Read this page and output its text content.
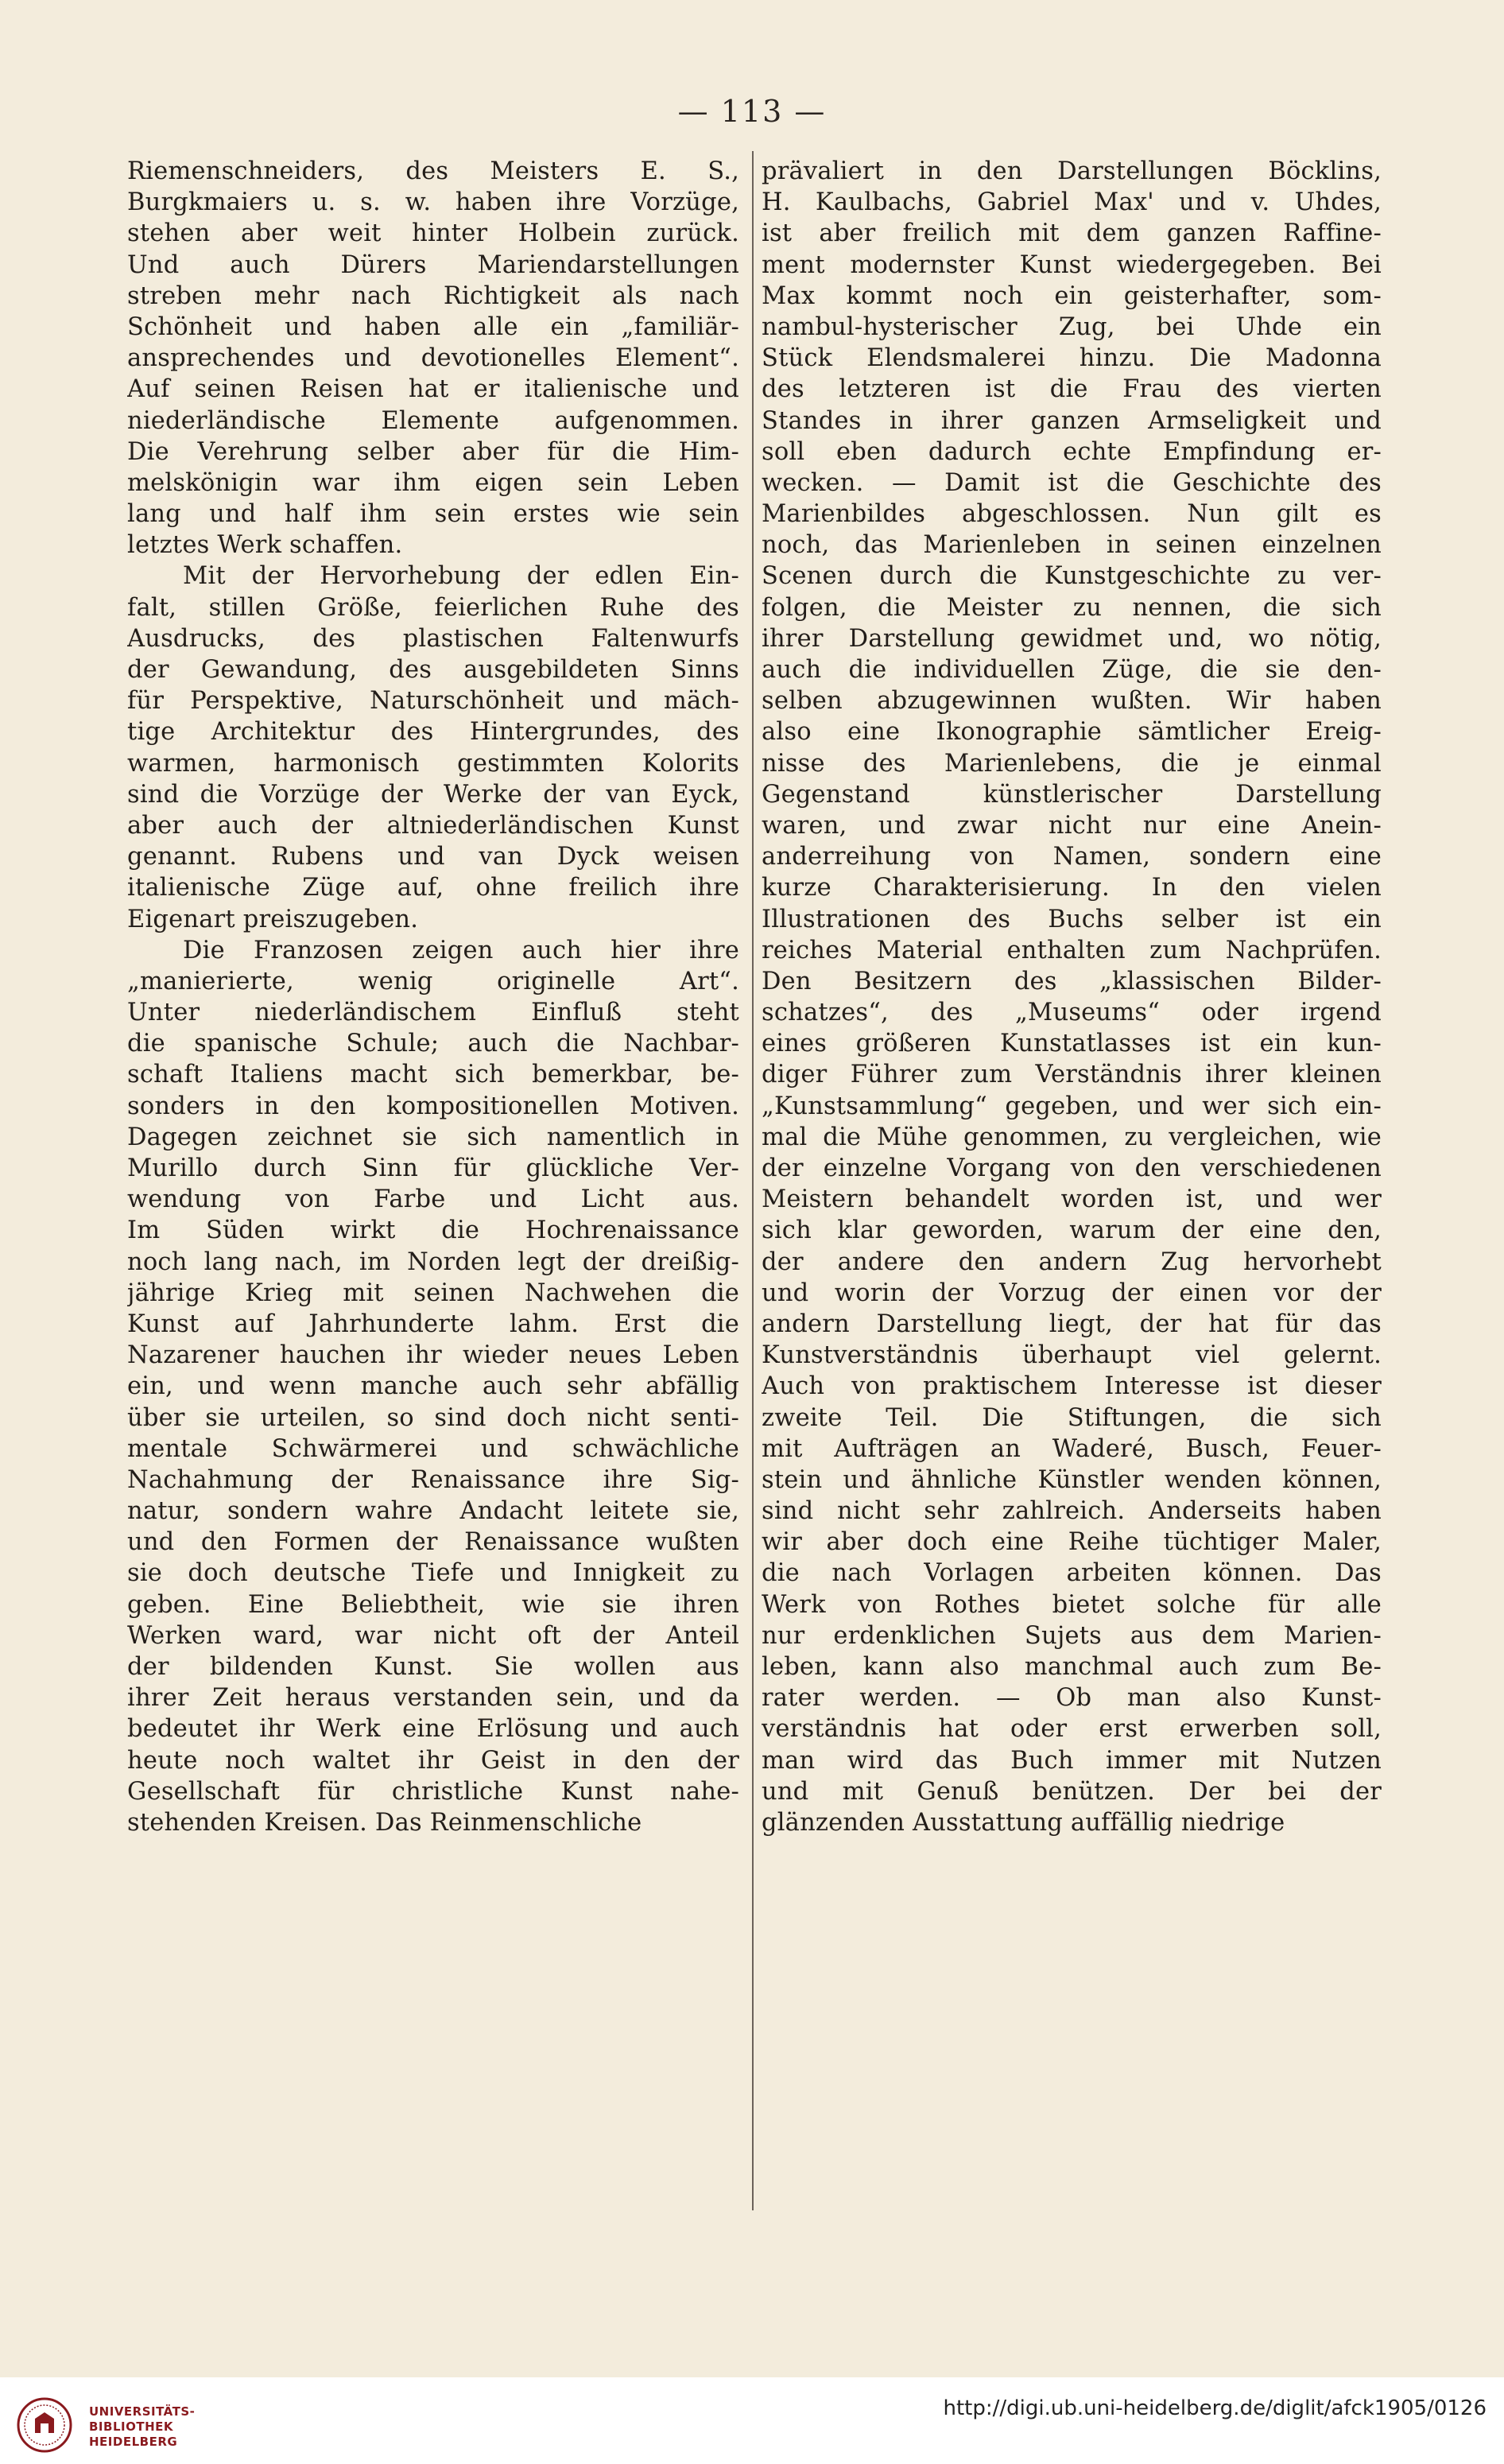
— 113 —
Riemenschneiders, des Meisters E. S.,
Burgkmaiers u. s. w. haben ihre Vorzüge,
stehen aber weit hinter Holbein zurück.
Und auch Dürers Mariendarstellungen
streben mehr nach Richtigkeit als nach
Schönheit und haben alle ein „familiär-
ansprechendes und devotionelles Element“.
Auf seinen Reisen hat er italienische und
niederländische Elemente aufgenommen.
Die Verehrung selber aber für die Him-
melskönigin war ihm eigen sein Leben
lang und half ihm sein erstes wie sein
letztes Werk schaffen.
Mit der Hervorhebung der edlen Ein-
falt, stillen Größe, feierlichen Ruhe des
Ausdrucks, des plastischen Faltenwurfs
der Gewandung, des ausgebildeten Sinns
für Perspektive, Naturschönheit und mäch-
tige Architektur des Hintergrundes, des
warmen, harmonisch gestimmten Kolorits
sind die Vorzüge der Werke der van Eyck,
aber auch der altniederländischen Kunst
genannt. Rubens und van Dyck weisen
italienische Züge auf, ohne freilich ihre
Eigenart preiszugeben.
Die Franzosen zeigen auch hier ihre
„manierierte, wenig originelle Art“.
Unter niederländischem Einfluß steht
die spanische Schule; auch die Nachbar-
schaft Italiens macht sich bemerkbar, be-
sonders in den kompositionellen Motiven.
Dagegen zeichnet sie sich namentlich in
Murillo durch Sinn für glückliche Ver-
wendung von Farbe und Licht aus.
Im Süden wirkt die Hochrenaissance
noch lang nach, im Norden legt der dreißig-
jährige Krieg mit seinen Nachwehen die
Kunst auf Jahrhunderte lahm. Erst die
Nazarener hauchen ihr wieder neues Leben
ein, und wenn manche auch sehr abfällig
über sie urteilen, so sind doch nicht senti-
mentale Schwärmerei und schwächliche
Nachahmung der Renaissance ihre Sig-
natur, sondern wahre Andacht leitete sie,
und den Formen der Renaissance wußten
sie doch deutsche Tiefe und Innigkeit zu
geben. Eine Beliebtheit, wie sie ihren
Werken ward, war nicht oft der Anteil
der bildenden Kunst. Sie wollen aus
ihrer Zeit heraus verstanden sein, und da
bedeutet ihr Werk eine Erlösung und auch
heute noch waltet ihr Geist in den der
Gesellschaft für christliche Kunst nahe-
stehenden Kreisen. Das Reinmenschliche
prävaliert in den Darstellungen Böcklins,
H. Kaulbachs, Gabriel Max' und v. Uhdes,
ist aber freilich mit dem ganzen Raffine-
ment modernster Kunst wiedergegeben. Bei
Max kommt noch ein geisterhafter, som-
nambul-hysterischer Zug, bei Uhde ein
Stück Elendsmalerei hinzu. Die Madonna
des letzteren ist die Frau des vierten
Standes in ihrer ganzen Armseligkeit und
soll eben dadurch echte Empfindung er-
wecken. — Damit ist die Geschichte des
Marienbildes abgeschlossen. Nun gilt es
noch, das Marienleben in seinen einzelnen
Scenen durch die Kunstgeschichte zu ver-
folgen, die Meister zu nennen, die sich
ihrer Darstellung gewidmet und, wo nötig,
auch die individuellen Züge, die sie den-
selben abzugewinnen wußten. Wir haben
also eine Ikonographie sämtlicher Ereig-
nisse des Marienlebens, die je einmal
Gegenstand künstlerischer Darstellung
waren, und zwar nicht nur eine Anein-
anderreihung von Namen, sondern eine
kurze Charakterisierung. In den vielen
Illustrationen des Buchs selber ist ein
reiches Material enthalten zum Nachprüfen.
Den Besitzern des „klassischen Bilder-
schatzes“, des „Museums“ oder irgend
eines größeren Kunstatlasses ist ein kun-
diger Führer zum Verständnis ihrer kleinen
„Kunstsammlung“ gegeben, und wer sich ein-
mal die Mühe genommen, zu vergleichen, wie
der einzelne Vorgang von den verschiedenen
Meistern behandelt worden ist, und wer
sich klar geworden, warum der eine den,
der andere den andern Zug hervorhebt
und worin der Vorzug der einen vor der
andern Darstellung liegt, der hat für das
Kunstverständnis überhaupt viel gelernt.
Auch von praktischem Interesse ist dieser
zweite Teil. Die Stiftungen, die sich
mit Aufträgen an Waderé, Busch, Feuer-
stein und ähnliche Künstler wenden können,
sind nicht sehr zahlreich. Anderseits haben
wir aber doch eine Reihe tüchtiger Maler,
die nach Vorlagen arbeiten können. Das
Werk von Rothes bietet solche für alle
nur erdenklichen Sujets aus dem Marien-
leben, kann also manchmal auch zum Be-
rater werden. — Ob man also Kunst-
verständnis hat oder erst erwerben soll,
man wird das Buch immer mit Nutzen
und mit Genuß benützen. Der bei der
glänzenden Ausstattung auffällig niedrige
UNIVERSITÄTS-
BIBLIOTHEK
HEIDELBERG
http://digi.ub.uni-heidelberg.de/diglit/afck1905/0126
